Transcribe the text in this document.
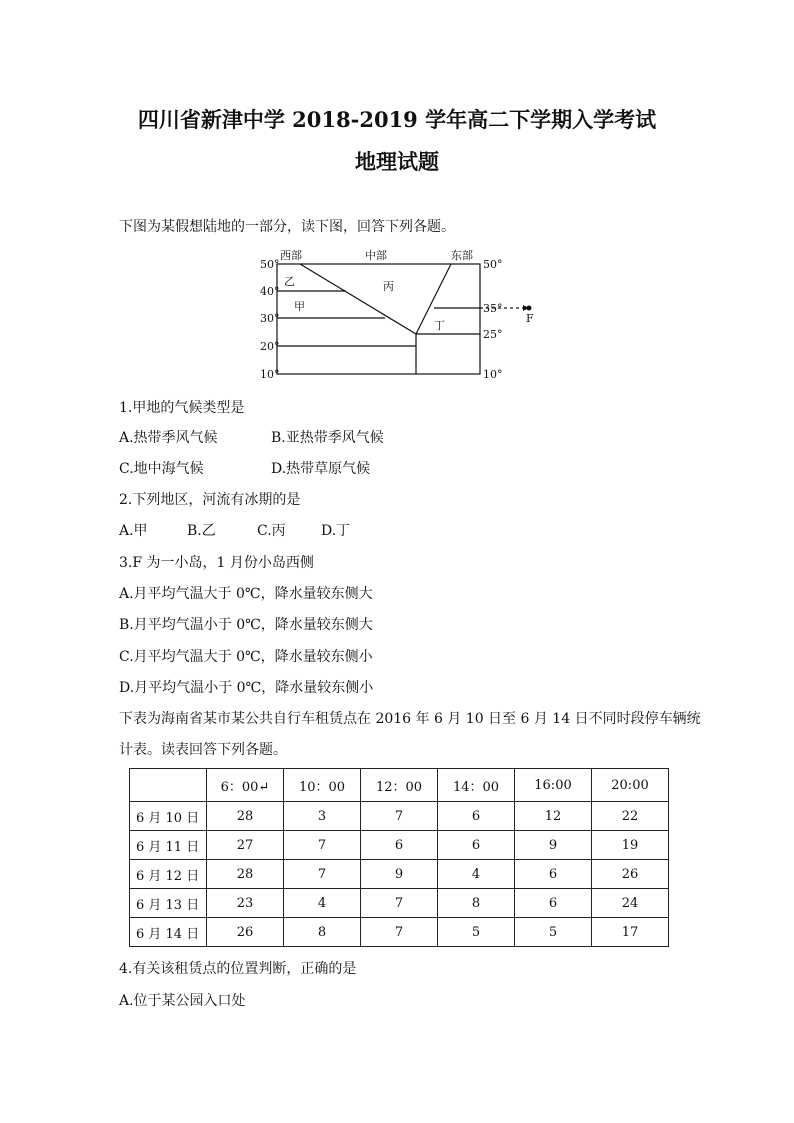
四川省新津中学 2018-2019 学年高二下学期入学考试
地理试题
下图为某假想陆地的一部分，读下图，回答下列各题。
西部	中部	东部
50°
40°
30°
20°
10°
50°
35°
25°
10°
乙
甲
丙
丁
F
1.甲地的气候类型是
A.热带季风气候	B.亚热带季风气候
C.地中海气候	D.热带草原气候
2.下列地区，河流有冰期的是
A.甲	B.乙	C.丙	D.丁
3.F 为一小岛，1 月份小岛西侧
A.月平均气温大于 0℃，降水量较东侧大
B.月平均气温小于 0℃，降水量较东侧大
C.月平均气温大于 0℃，降水量较东侧小
D.月平均气温小于 0℃，降水量较东侧小
下表为海南省某市某公共自行车租赁点在 2016 年 6 月 10 日至 6 月 14 日不同时段停车辆统
计表。读表回答下列各题。
	6：00↵	10：00	12：00	14：00	16:00	20:00
6 月 10 日	28	3	7	6	12	22
6 月 11 日	27	7	6	6	9	19
6 月 12 日	28	7	9	4	6	26
6 月 13 日	23	4	7	8	6	24
6 月 14 日	26	8	7	5	5	17
4.有关该租赁点的位置判断，正确的是
A.位于某公园入口处
